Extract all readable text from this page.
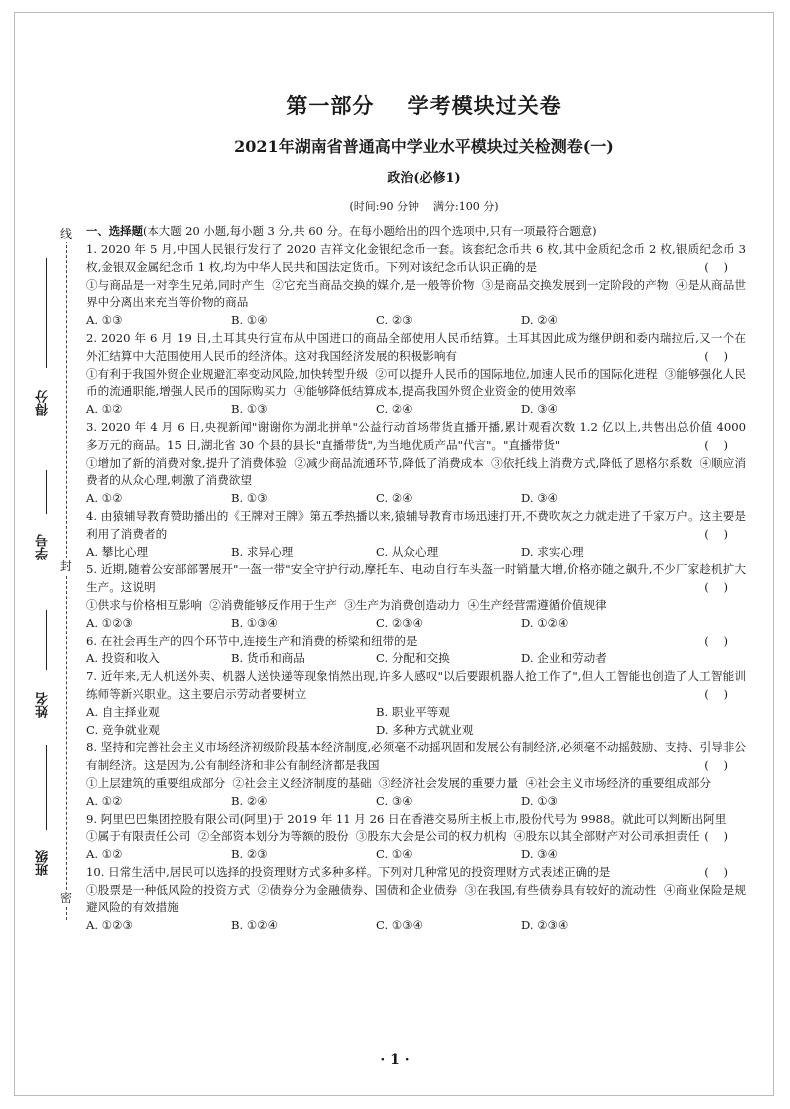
线
封
密
得分
学号
姓名
班级
第一部分    学考模块过关卷
2021年湖南省普通高中学业水平模块过关检测卷(一)
政治(必修1)
(时间:90 分钟    满分:100 分)
一、选择题(本大题 20 小题,每小题 3 分,共 60 分。在每小题给出的四个选项中,只有一项最符合题意)

1. 2020 年 5 月,中国人民银行发行了 2020 吉祥文化金银纪念币一套。该套纪念币共 6 枚,其中金质纪念币 2 枚,银质纪念币 3 枚,金银双金属纪念币 1 枚,均为中华人民共和国法定货币。下列对该纪念币认识正确的是	(    )

①与商品是一对孪生兄弟,同时产生  ②它充当商品交换的媒介,是一般等价物  ③是商品交换发展到一定阶段的产物  ④是从商品世界中分离出来充当等价物的商品

A. ①③	B. ①④	C. ②③	D. ②④

2. 2020 年 6 月 19 日,土耳其央行宣布从中国进口的商品全部使用人民币结算。土耳其因此成为继伊朗和委内瑞拉后,又一个在外汇结算中大范围使用人民币的经济体。这对我国经济发展的积极影响有	(    )

①有利于我国外贸企业规避汇率变动风险,加快转型升级  ②可以提升人民币的国际地位,加速人民币的国际化进程  ③能够强化人民币的流通职能,增强人民币的国际购买力  ④能够降低结算成本,提高我国外贸企业资金的使用效率

A. ①②	B. ①③	C. ②④	D. ③④

3. 2020 年 4 月 6 日,央视新闻"谢谢你为湖北拼单"公益行动首场带货直播开播,累计观看次数 1.2 亿以上,共售出总价值 4000 多万元的商品。15 日,湖北省 30 个县的县长"直播带货",为当地优质产品"代言"。"直播带货"	(    )

①增加了新的消费对象,提升了消费体验  ②减少商品流通环节,降低了消费成本  ③依托线上消费方式,降低了恩格尔系数  ④顺应消费者的从众心理,刺激了消费欲望

A. ①②	B. ①③	C. ②④	D. ③④

4. 由猿辅导教育赞助播出的《王牌对王牌》第五季热播以来,猿辅导教育市场迅速打开,不费吹灰之力就走进了千家万户。这主要是利用了消费者的	(    )

A. 攀比心理	B. 求异心理	C. 从众心理	D. 求实心理

5. 近期,随着公安部部署展开"一盔一带"安全守护行动,摩托车、电动自行车头盔一时销量大增,价格亦随之飙升,不少厂家趁机扩大生产。这说明	(    )

①供求与价格相互影响  ②消费能够反作用于生产  ③生产为消费创造动力  ④生产经营需遵循价值规律

A. ①②③	B. ①③④	C. ②③④	D. ①②④

6. 在社会再生产的四个环节中,连接生产和消费的桥梁和纽带的是	(    )

A. 投资和收入	B. 货币和商品	C. 分配和交换	D. 企业和劳动者

7. 近年来,无人机送外卖、机器人送快递等现象悄然出现,许多人感叹"以后要跟机器人抢工作了",但人工智能也创造了人工智能训练师等新兴职业。这主要启示劳动者要树立	(    )

A. 自主择业观	B. 职业平等观
C. 竞争就业观	D. 多种方式就业观

8. 坚持和完善社会主义市场经济初级阶段基本经济制度,必须毫不动摇巩固和发展公有制经济,必须毫不动摇鼓励、支持、引导非公有制经济。这是因为,公有制经济和非公有制经济都是我国	(    )

①上层建筑的重要组成部分  ②社会主义经济制度的基础  ③经济社会发展的重要力量  ④社会主义市场经济的重要组成部分

A. ①②	B. ②④	C. ③④	D. ①③

9. 阿里巴巴集团控股有限公司(阿里)于 2019 年 11 月 26 日在香港交易所主板上市,股份代号为 9988。就此可以判断出阿里
(    )

①属于有限责任公司  ②全部资本划分为等额的股份  ③股东大会是公司的权力机构  ④股东以其全部财产对公司承担责任

A. ①②	B. ②③	C. ①④	D. ③④

10. 日常生活中,居民可以选择的投资理财方式多种多样。下列对几种常见的投资理财方式表述正确的是	(    )

①股票是一种低风险的投资方式  ②债券分为金融债券、国债和企业债券  ③在我国,有些债券具有较好的流动性  ④商业保险是规避风险的有效措施

A. ①②③	B. ①②④	C. ①③④	D. ②③④
· 1 ·
